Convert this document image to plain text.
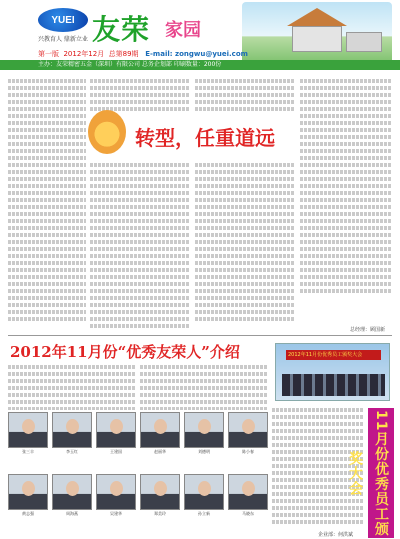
YUEI
兴教育人 鼎新立业 友荣 家园
第一版 2012年12月 总第89期 E-mail: zongwu@yuei.com
主办：友荣精密五金（深圳）有限公司 总务企划部 印刷数量：200份
转型，任重道远
总经理：顾国新
2012年11月份“优秀友荣人”介绍	2012年11月份优秀员工颁奖大会
企业部：何洪斌	11月份优秀员工颁奖大会
张三丰	李玉红	王建国	赵丽华	刘德明	陈小春
黄志强	周海燕	吴建华	郑美玲	孙立新	马晓东
